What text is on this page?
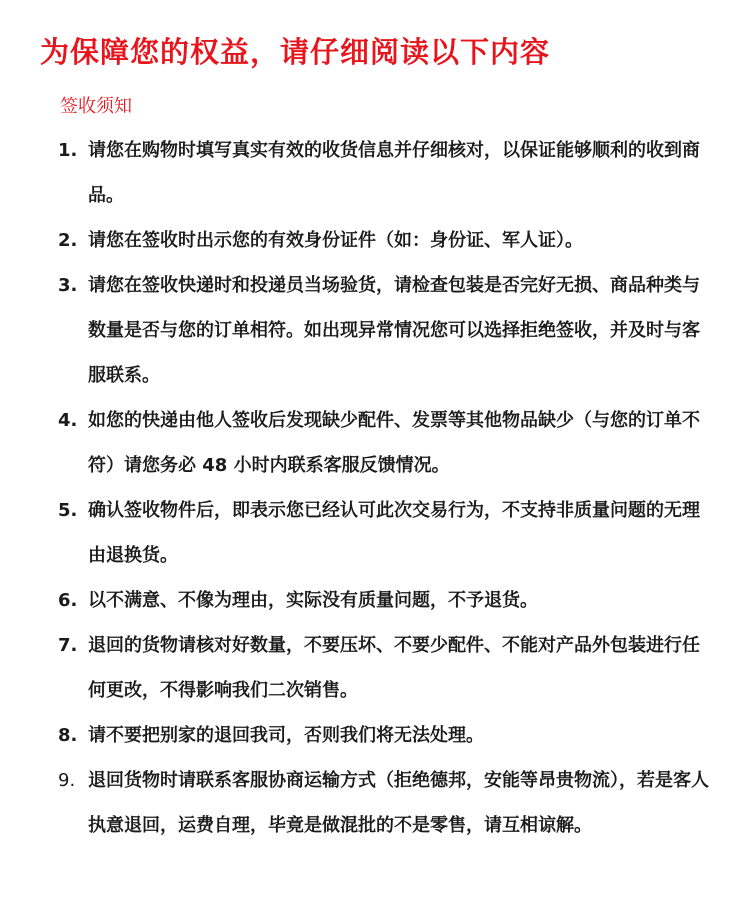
为保障您的权益，请仔细阅读以下内容
签收须知
1. 请您在购物时填写真实有效的收货信息并仔细核对，以保证能够顺利的收到商品。
2. 请您在签收时出示您的有效身份证件（如：身份证、军人证）。
3. 请您在签收快递时和投递员当场验货，请检查包装是否完好无损、商品种类与数量是否与您的订单相符。如出现异常情况您可以选择拒绝签收，并及时与客服联系。
4. 如您的快递由他人签收后发现缺少配件、发票等其他物品缺少（与您的订单不符）请您务必 48 小时内联系客服反馈情况。
5. 确认签收物件后，即表示您已经认可此次交易行为，不支持非质量问题的无理由退换货。
6. 以不满意、不像为理由，实际没有质量问题，不予退货。
7. 退回的货物请核对好数量，不要压坏、不要少配件、不能对产品外包装进行任何更改，不得影响我们二次销售。
8. 请不要把别家的退回我司，否则我们将无法处理。
9. 退回货物时请联系客服协商运输方式（拒绝德邦，安能等昂贵物流），若是客人执意退回，运费自理，毕竟是做混批的不是零售，请互相谅解。
